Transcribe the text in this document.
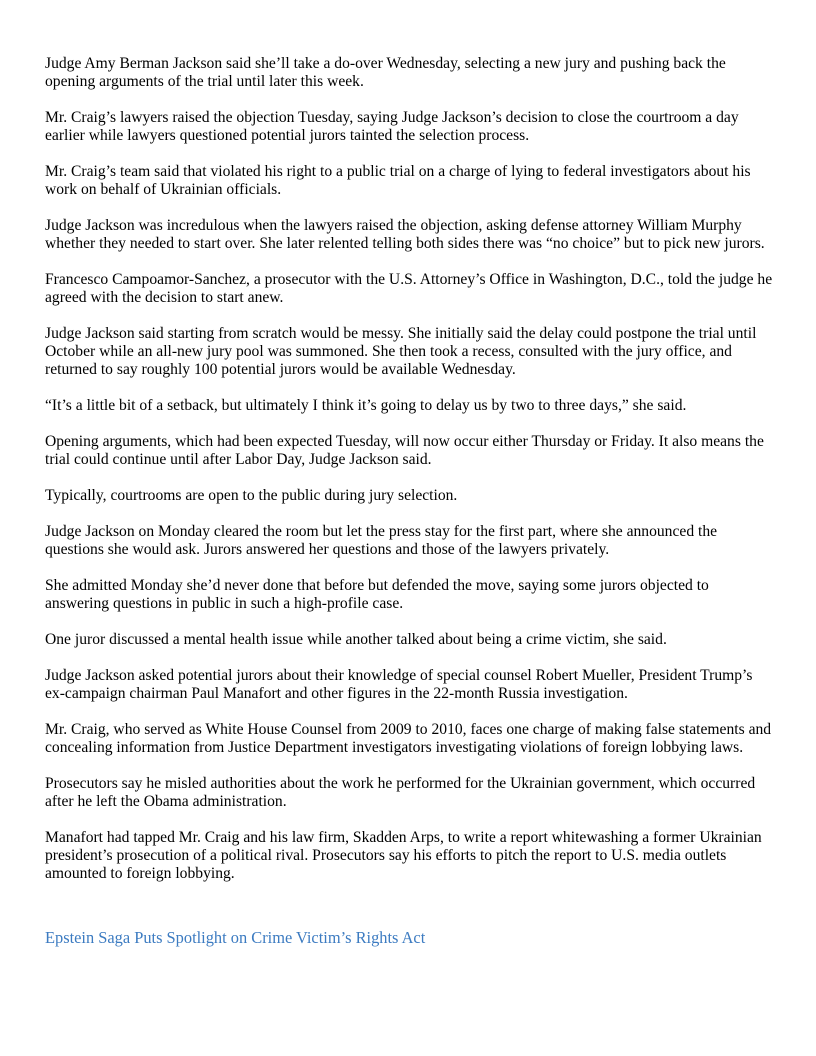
Judge Amy Berman Jackson said she’ll take a do-over Wednesday, selecting a new jury and pushing back the opening arguments of the trial until later this week.

Mr. Craig’s lawyers raised the objection Tuesday, saying Judge Jackson’s decision to close the courtroom a day earlier while lawyers questioned potential jurors tainted the selection process.

Mr. Craig’s team said that violated his right to a public trial on a charge of lying to federal investigators about his work on behalf of Ukrainian officials.

Judge Jackson was incredulous when the lawyers raised the objection, asking defense attorney William Murphy whether they needed to start over. She later relented telling both sides there was “no choice” but to pick new jurors.

Francesco Campoamor-Sanchez, a prosecutor with the U.S. Attorney’s Office in Washington, D.C., told the judge he agreed with the decision to start anew.

Judge Jackson said starting from scratch would be messy. She initially said the delay could postpone the trial until October while an all-new jury pool was summoned. She then took a recess, consulted with the jury office, and returned to say roughly 100 potential jurors would be available Wednesday.

“It’s a little bit of a setback, but ultimately I think it’s going to delay us by two to three days,” she said.

Opening arguments, which had been expected Tuesday, will now occur either Thursday or Friday. It also means the trial could continue until after Labor Day, Judge Jackson said.

Typically, courtrooms are open to the public during jury selection.

Judge Jackson on Monday cleared the room but let the press stay for the first part, where she announced the questions she would ask. Jurors answered her questions and those of the lawyers privately.

She admitted Monday she’d never done that before but defended the move, saying some jurors objected to answering questions in public in such a high-profile case.

One juror discussed a mental health issue while another talked about being a crime victim, she said.

Judge Jackson asked potential jurors about their knowledge of special counsel Robert Mueller, President Trump’s ex-campaign chairman Paul Manafort and other figures in the 22-month Russia investigation.

Mr. Craig, who served as White House Counsel from 2009 to 2010, faces one charge of making false statements and concealing information from Justice Department investigators investigating violations of foreign lobbying laws.

Prosecutors say he misled authorities about the work he performed for the Ukrainian government, which occurred after he left the Obama administration.

Manafort had tapped Mr. Craig and his law firm, Skadden Arps, to write a report whitewashing a former Ukrainian president’s prosecution of a political rival. Prosecutors say his efforts to pitch the report to U.S. media outlets amounted to foreign lobbying.

Epstein Saga Puts Spotlight on Crime Victim’s Rights Act
